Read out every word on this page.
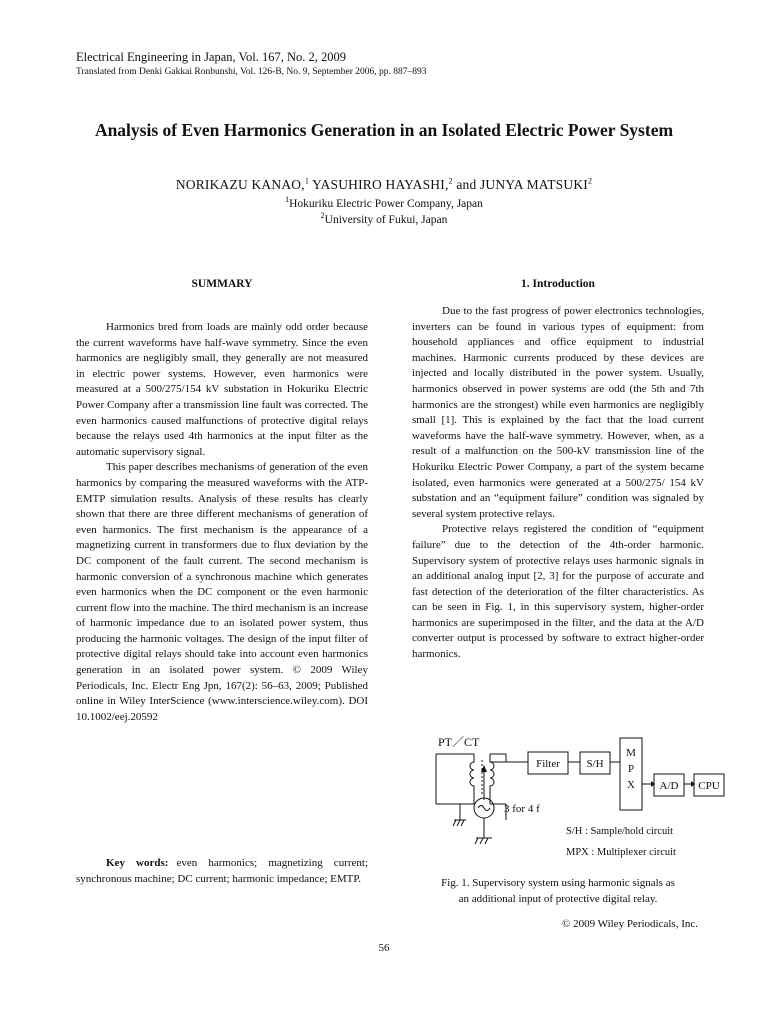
Electrical Engineering in Japan, Vol. 167, No. 2, 2009
Translated from Denki Gakkai Ronbunshi, Vol. 126-B, No. 9, September 2006, pp. 887–893
Analysis of Even Harmonics Generation in an Isolated Electric Power System
NORIKAZU KANAO,$^1$ YASUHIRO HAYASHI,$^2$ and JUNYA MATSUKI$^2$
$^1$Hokuriku Electric Power Company, Japan
$^2$University of Fukui, Japan
SUMMARY	1. Introduction

Harmonics bred from loads are mainly odd order because the current waveforms have half-wave symmetry. Since the even harmonics are negligibly small, they generally are not measured in electric power systems. However, even harmonics were measured at a 500/275/154 kV substation in Hokuriku Electric Power Company after a transmission line fault was corrected. The even harmonics caused malfunctions of protective digital relays because the relays used 4th harmonics at the input filter as the automatic supervisory signal.

This paper describes mechanisms of generation of the even harmonics by comparing the measured waveforms with the ATP-EMTP simulation results. Analysis of these results has clearly shown that there are three different mechanisms of generation of even harmonics. The first mechanism is the appearance of a magnetizing current in transformers due to flux deviation by the DC component of the fault current. The second mechanism is harmonic conversion of a synchronous machine which generates even harmonics when the DC component or the even harmonic current flow into the machine. The third mechanism is an increase of harmonic impedance due to an isolated power system, thus producing the harmonic voltages. The design of the input filter of protective digital relays should take into account even harmonics generation in an isolated power system. © 2009 Wiley Periodicals, Inc. Electr Eng Jpn, 167(2): 56–63, 2009; Published online in Wiley InterScience (www.interscience.wiley.com). DOI 10.1002/eej.20592

Key words: even harmonics; magnetizing current; synchronous machine; DC current; harmonic impedance; EMTP.

Due to the fast progress of power electronics technologies, inverters can be found in various types of equipment: from household appliances and office equipment to industrial machines. Harmonic currents produced by these devices are injected and locally distributed in the power system. Usually, harmonics observed in power systems are odd (the 5th and 7th harmonics are the strongest) while even harmonics are negligibly small [1]. This is explained by the fact that the load current waveforms have the half-wave symmetry. However, when, as a result of a malfunction on the 500-kV transmission line of the Hokuriku Electric Power Company, a part of the system became isolated, even harmonics were generated at a 500/275/ 154 kV substation and an “equipment failure” condition was signaled by several system protective relays.

Protective relays registered the condition of “equipment failure” due to the detection of the 4th-order harmonic. Supervisory system of protective relays uses harmonic signals in an additional analog input [2, 3] for the purpose of accurate and fast detection of the deterioration of the filter characteristics. As can be seen in Fig. 1, in this supervisory system, higher-order harmonics are superimposed in the filter, and the data at the A/D converter output is processed by software to extract higher-order harmonics.

PT／CT
Filter S/H
M
P
X A/D CPU
3 for 4 f
S/H : Sample/hold circuit
MPX : Multiplexer circuit
Fig. 1. Supervisory system using harmonic signals as
an additional input of protective digital relay.
© 2009 Wiley Periodicals, Inc.
56
